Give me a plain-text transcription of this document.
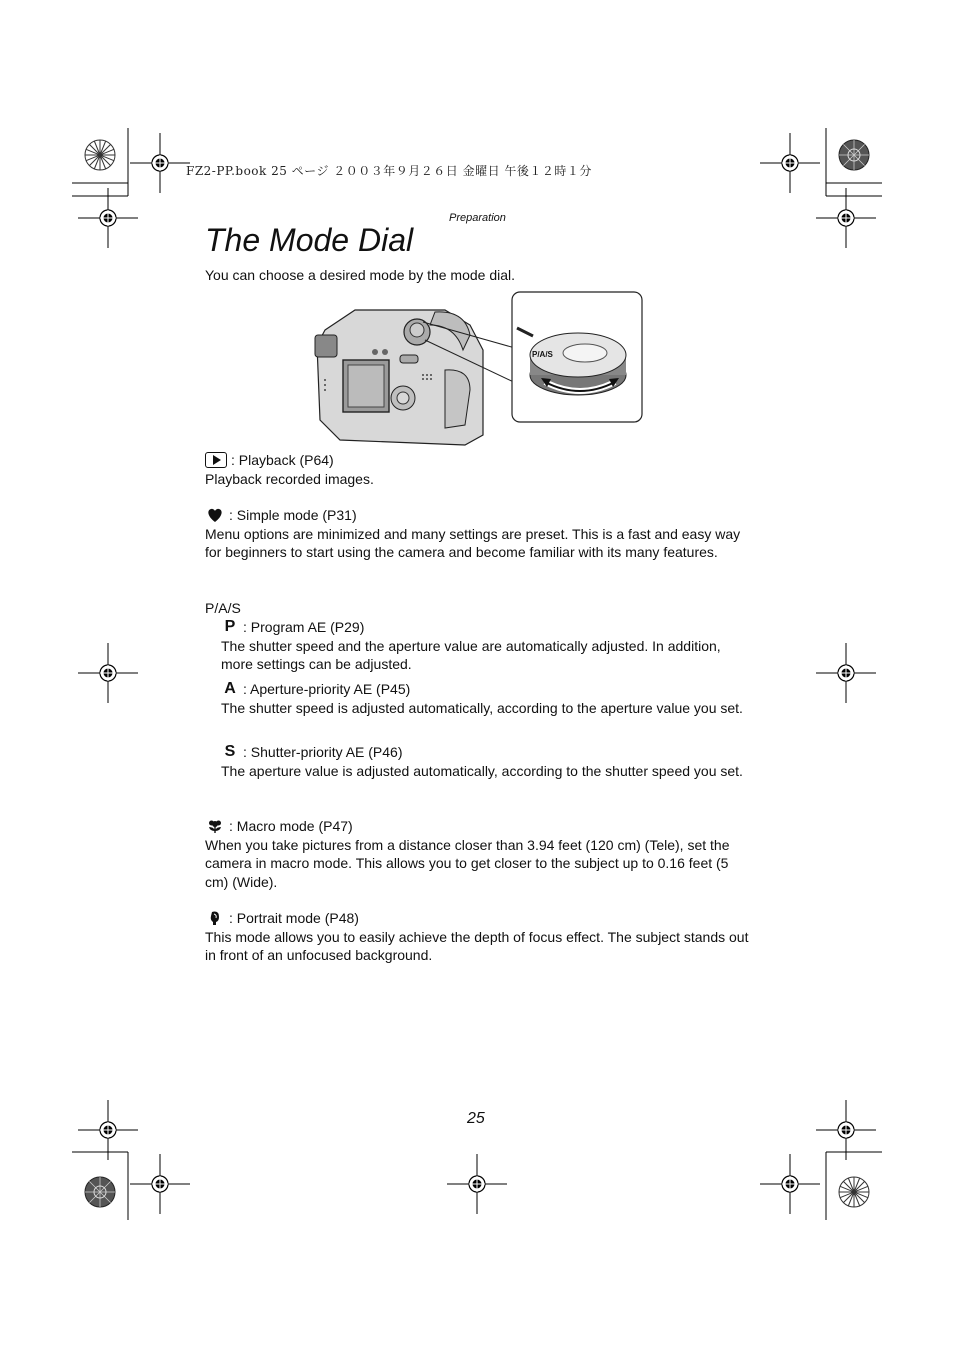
FZ2-PP.book 25 ページ ２００３年９月２６日 金曜日 午後１２時１分
Preparation
The Mode Dial
You can choose a desired mode by the mode dial.
P/A/S
: Playback (P64)
Playback recorded images.
: Simple mode (P31)
Menu options are minimized and many settings are preset. This is a fast and easy way for beginners to start using the camera and become familiar with its many features.
P/A/S
P : Program AE (P29)
The shutter speed and the aperture value are automatically adjusted. In addition, more settings can be adjusted.
A : Aperture-priority AE (P45)
The shutter speed is adjusted automatically, according to the aperture value you set.
S : Shutter-priority AE (P46)
The aperture value is adjusted automatically, according to the shutter speed you set.
: Macro mode (P47)
When you take pictures from a distance closer than 3.94 feet (120 cm) (Tele), set the camera in macro mode. This allows you to get closer to the subject up to 0.16 feet (5 cm) (Wide).
: Portrait mode (P48)
This mode allows you to easily achieve the depth of focus effect. The subject stands out in front of an unfocused background.
25
